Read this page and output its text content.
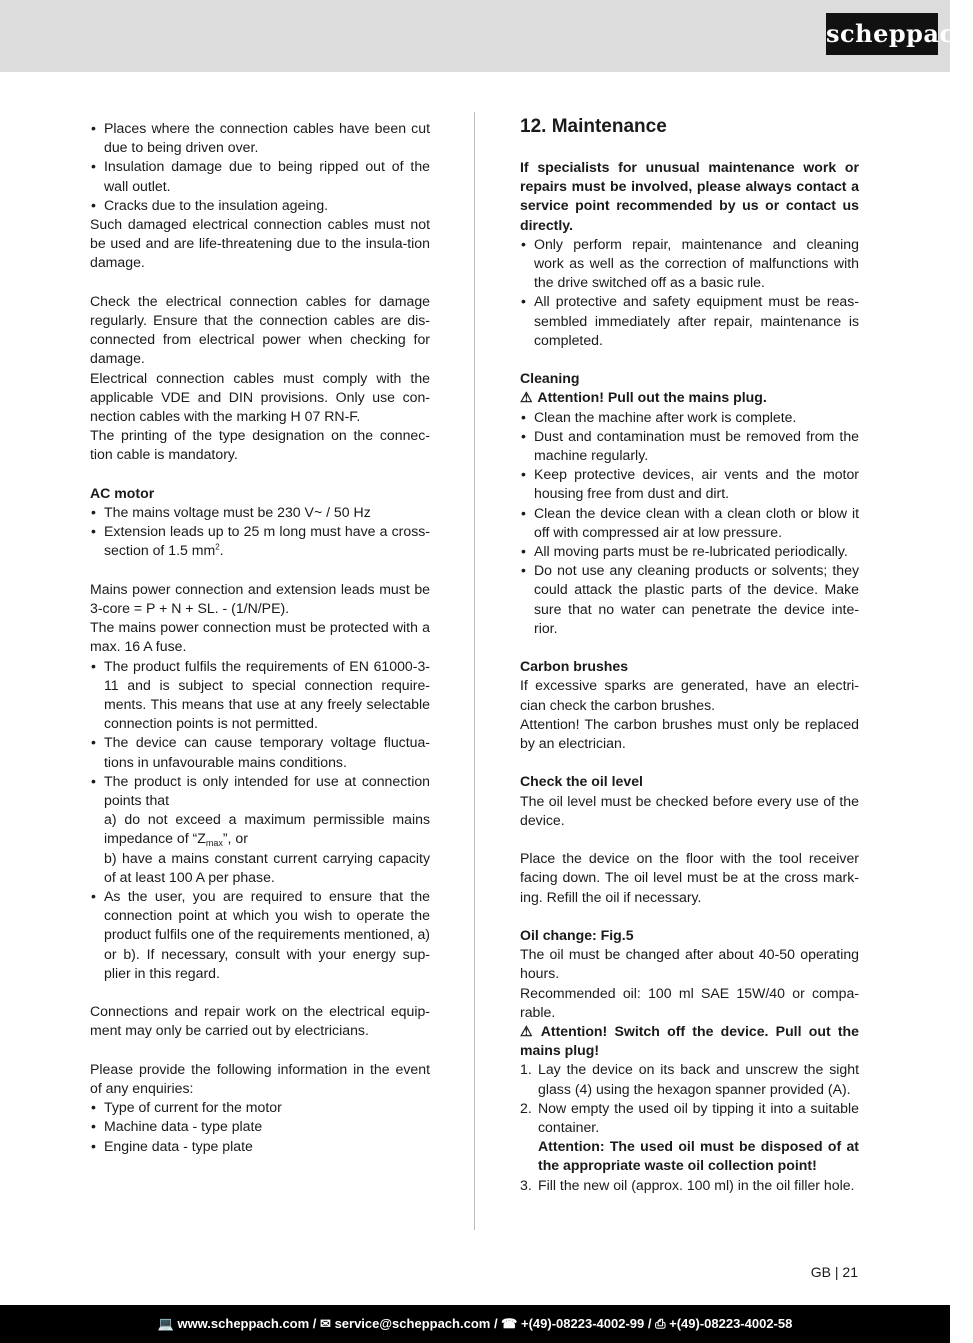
scheppach
• Places where the connection cables have been cut due to being driven over.
• Insulation damage due to being ripped out of the wall outlet.
• Cracks due to the insulation ageing.

Such damaged electrical connection cables must not be used and are life-threatening due to the insula-tion damage.

Check the electrical connection cables for damage regularly. Ensure that the connection cables are dis-connected from electrical power when checking for damage.

Electrical connection cables must comply with the applicable VDE and DIN provisions. Only use con-nection cables with the marking H 07 RN-F.

The printing of the type designation on the connec-tion cable is mandatory.

AC motor

• The mains voltage must be 230 V~ / 50 Hz
• Extension leads up to 25 m long must have a cross-section of 1.5 $mm^2$.

Mains power connection and extension leads must be 3-core = P + N + SL. - (1/N/PE).

The mains power connection must be protected with a max. 16 A fuse.

• The product fulfils the requirements of EN 61000-3-11 and is subject to special connection require-ments. This means that use at any freely selectable connection points is not permitted.
• The device can cause temporary voltage fluctua-tions in unfavourable mains conditions.
• The product is only intended for use at connection points that
a) do not exceed a maximum permissible mains impedance of “$Z_{max}$”, or
b) have a mains constant current carrying capacity of at least 100 A per phase.
• As the user, you are required to ensure that the connection point at which you wish to operate the product fulfils one of the requirements mentioned, a) or b). If necessary, consult with your energy sup-plier in this regard.

Connections and repair work on the electrical equip-ment may only be carried out by electricians.

Please provide the following information in the event of any enquiries:

• Type of current for the motor
• Machine data - type plate
• Engine data - type plate
12. Maintenance

If specialists for unusual maintenance work or repairs must be involved, please always contact a service point recommended by us or contact us directly.

• Only perform repair, maintenance and cleaning work as well as the correction of malfunctions with the drive switched off as a basic rule.
• All protective and safety equipment must be reas-sembled immediately after repair, maintenance is completed.

Cleaning

⚠ Attention! Pull out the mains plug.

• Clean the machine after work is complete.
• Dust and contamination must be removed from the machine regularly.
• Keep protective devices, air vents and the motor housing free from dust and dirt.
• Clean the device clean with a clean cloth or blow it off with compressed air at low pressure.
• All moving parts must be re-lubricated periodically.
• Do not use any cleaning products or solvents; they could attack the plastic parts of the device. Make sure that no water can penetrate the device inte-rior.

Carbon brushes

If excessive sparks are generated, have an electri-cian check the carbon brushes.

Attention! The carbon brushes must only be replaced by an electrician.

Check the oil level

The oil level must be checked before every use of the device.

Place the device on the floor with the tool receiver facing down. The oil level must be at the cross mark-ing. Refill the oil if necessary.

Oil change: Fig.5

The oil must be changed after about 40-50 operating hours.

Recommended oil: 100 ml SAE 15W/40 or compa-rable.

⚠ Attention! Switch off the device. Pull out the mains plug!

1. Lay the device on its back and unscrew the sight glass (4) using the hexagon spanner provided (A).
2. Now empty the used oil by tipping it into a suitable container.
Attention: The used oil must be disposed of at the appropriate waste oil collection point!
3. Fill the new oil (approx. 100 ml) in the oil filler hole.
GB | 21
💻 www.scheppach.com / ✉ service@scheppach.com / ☎ +(49)-08223-4002-99 / ⎙ +(49)-08223-4002-58
